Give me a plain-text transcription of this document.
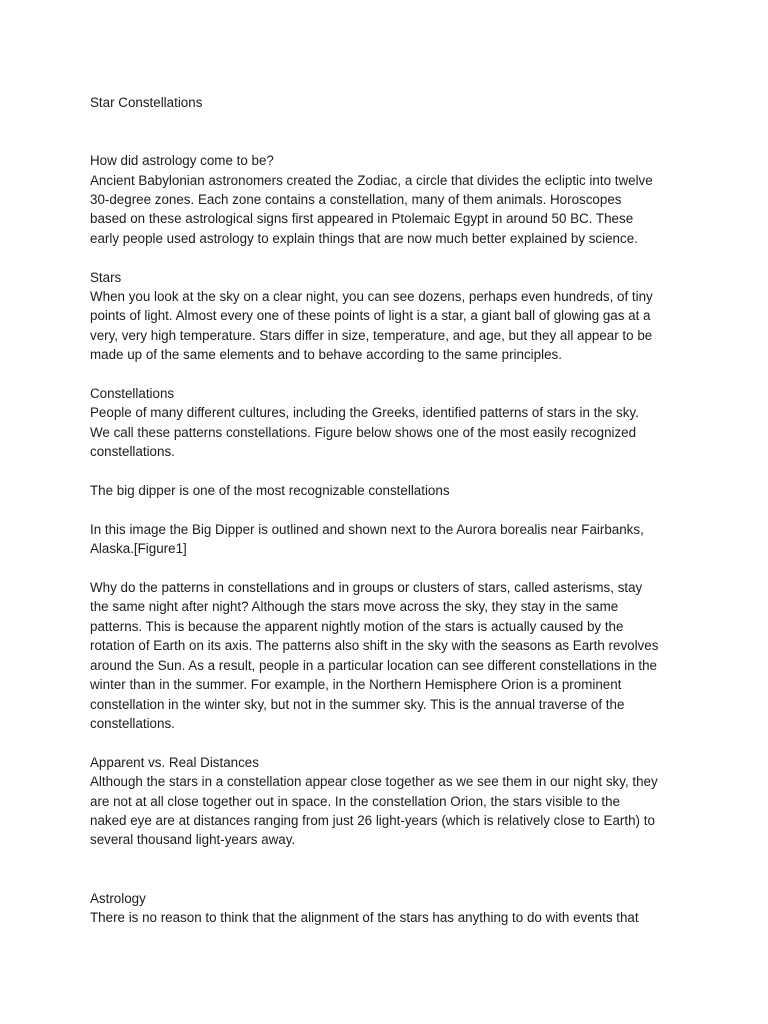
Star Constellations

How did astrology come to be?

Ancient Babylonian astronomers created the Zodiac, a circle that divides the ecliptic into twelve

30-degree zones. Each zone contains a constellation, many of them animals. Horoscopes

based on these astrological signs first appeared in Ptolemaic Egypt in around 50 BC. These

early people used astrology to explain things that are now much better explained by science.

Stars

When you look at the sky on a clear night, you can see dozens, perhaps even hundreds, of tiny

points of light. Almost every one of these points of light is a star, a giant ball of glowing gas at a

very, very high temperature. Stars differ in size, temperature, and age, but they all appear to be

made up of the same elements and to behave according to the same principles.

Constellations

People of many different cultures, including the Greeks, identified patterns of stars in the sky.

We call these patterns constellations. Figure below shows one of the most easily recognized

constellations.

The big dipper is one of the most recognizable constellations

In this image the Big Dipper is outlined and shown next to the Aurora borealis near Fairbanks,

Alaska.[Figure1]

Why do the patterns in constellations and in groups or clusters of stars, called asterisms, stay

the same night after night? Although the stars move across the sky, they stay in the same

patterns. This is because the apparent nightly motion of the stars is actually caused by the

rotation of Earth on its axis. The patterns also shift in the sky with the seasons as Earth revolves

around the Sun. As a result, people in a particular location can see different constellations in the

winter than in the summer. For example, in the Northern Hemisphere Orion is a prominent

constellation in the winter sky, but not in the summer sky. This is the annual traverse of the

constellations.

Apparent vs. Real Distances

Although the stars in a constellation appear close together as we see them in our night sky, they

are not at all close together out in space. In the constellation Orion, the stars visible to the

naked eye are at distances ranging from just 26 light-years (which is relatively close to Earth) to

several thousand light-years away.

Astrology

There is no reason to think that the alignment of the stars has anything to do with events that
